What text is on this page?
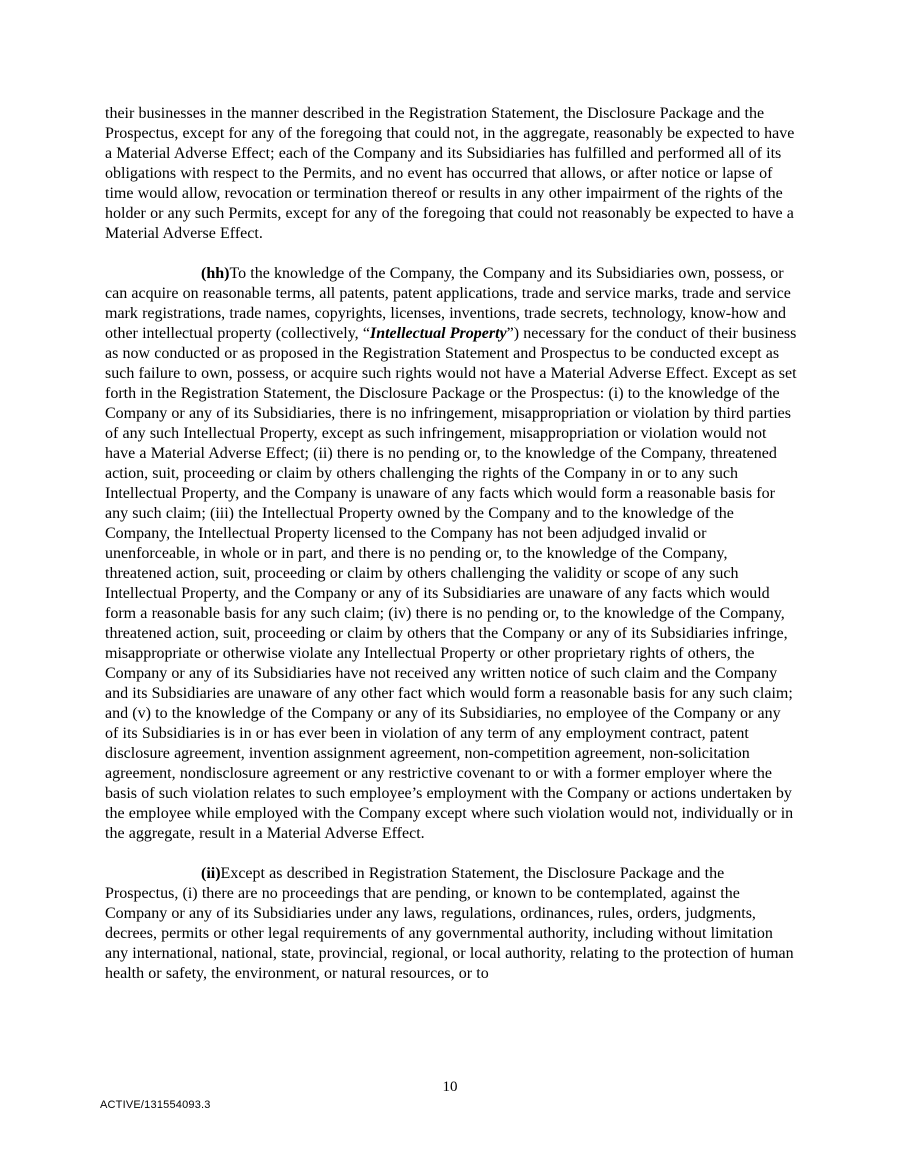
their businesses in the manner described in the Registration Statement, the Disclosure Package and the Prospectus, except for any of the foregoing that could not, in the aggregate, reasonably be expected to have a Material Adverse Effect; each of the Company and its Subsidiaries has fulfilled and performed all of its obligations with respect to the Permits, and no event has occurred that allows, or after notice or lapse of time would allow, revocation or termination thereof or results in any other impairment of the rights of the holder or any such Permits, except for any of the foregoing that could not reasonably be expected to have a Material Adverse Effect.

(hh)To the knowledge of the Company, the Company and its Subsidiaries own, possess, or can acquire on reasonable terms, all patents, patent applications, trade and service marks, trade and service mark registrations, trade names, copyrights, licenses, inventions, trade secrets, technology, know-how and other intellectual property (collectively, “Intellectual Property”) necessary for the conduct of their business as now conducted or as proposed in the Registration Statement and Prospectus to be conducted except as such failure to own, possess, or acquire such rights would not have a Material Adverse Effect. Except as set forth in the Registration Statement, the Disclosure Package or the Prospectus: (i) to the knowledge of the Company or any of its Subsidiaries, there is no infringement, misappropriation or violation by third parties of any such Intellectual Property, except as such infringement, misappropriation or violation would not have a Material Adverse Effect; (ii) there is no pending or, to the knowledge of the Company, threatened action, suit, proceeding or claim by others challenging the rights of the Company in or to any such Intellectual Property, and the Company is unaware of any facts which would form a reasonable basis for any such claim; (iii) the Intellectual Property owned by the Company and to the knowledge of the Company, the Intellectual Property licensed to the Company has not been adjudged invalid or unenforceable, in whole or in part, and there is no pending or, to the knowledge of the Company, threatened action, suit, proceeding or claim by others challenging the validity or scope of any such Intellectual Property, and the Company or any of its Subsidiaries are unaware of any facts which would form a reasonable basis for any such claim; (iv) there is no pending or, to the knowledge of the Company, threatened action, suit, proceeding or claim by others that the Company or any of its Subsidiaries infringe, misappropriate or otherwise violate any Intellectual Property or other proprietary rights of others, the Company or any of its Subsidiaries have not received any written notice of such claim and the Company and its Subsidiaries are unaware of any other fact which would form a reasonable basis for any such claim; and (v) to the knowledge of the Company or any of its Subsidiaries, no employee of the Company or any of its Subsidiaries is in or has ever been in violation of any term of any employment contract, patent disclosure agreement, invention assignment agreement, non-competition agreement, non-solicitation agreement, nondisclosure agreement or any restrictive covenant to or with a former employer where the basis of such violation relates to such employee’s employment with the Company or actions undertaken by the employee while employed with the Company except where such violation would not, individually or in the aggregate, result in a Material Adverse Effect.

(ii)Except as described in Registration Statement, the Disclosure Package and the Prospectus, (i) there are no proceedings that are pending, or known to be contemplated, against the Company or any of its Subsidiaries under any laws, regulations, ordinances, rules, orders, judgments, decrees, permits or other legal requirements of any governmental authority, including without limitation any international, national, state, provincial, regional, or local authority, relating to the protection of human health or safety, the environment, or natural resources, or to

10
ACTIVE/131554093.3
